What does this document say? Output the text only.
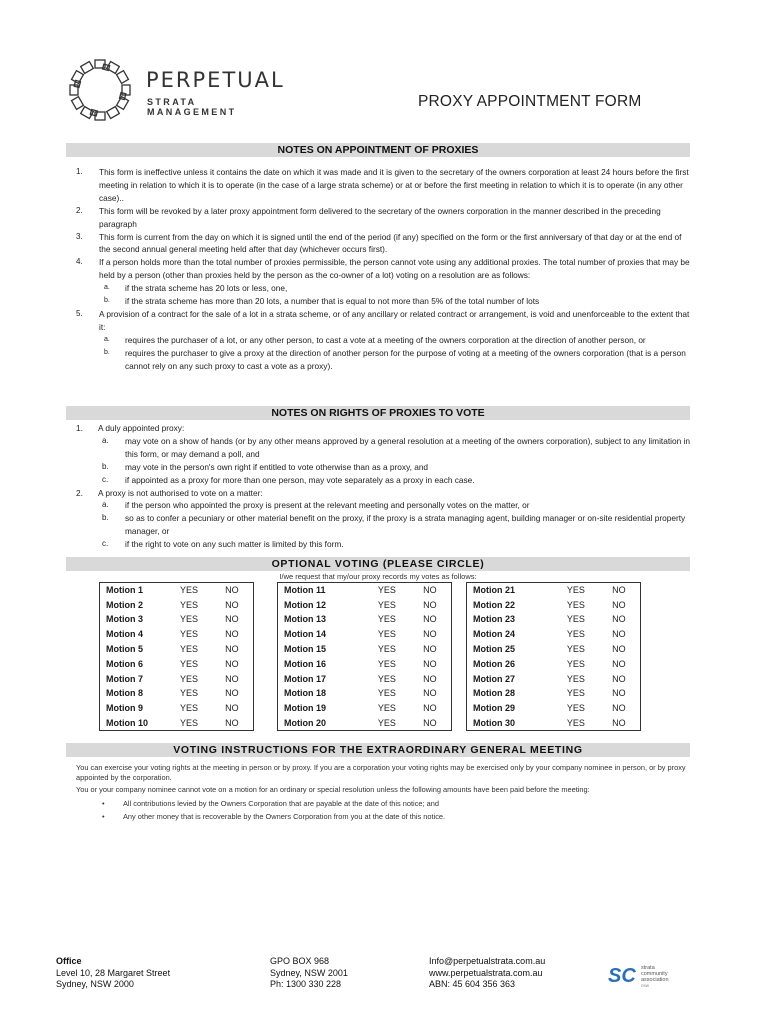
PERPETUAL
STRATA MANAGEMENT
PROXY APPOINTMENT FORM
NOTES ON APPOINTMENT OF PROXIES
1. This form is ineffective unless it contains the date on which it was made and it is given to the secretary of the owners corporation at least 24 hours before the first meeting in relation to which it is to operate (in the case of a large strata scheme) or at or before the first meeting in relation to which it is to operate (in any other case)..
2. This form will be revoked by a later proxy appointment form delivered to the secretary of the owners corporation in the manner described in the preceding paragraph
3. This form is current from the day on which it is signed until the end of the period (if any) specified on the form or the first anniversary of that day or at the end of the second annual general meeting held after that day (whichever occurs first).
4. If a person holds more than the total number of proxies permissible, the person cannot vote using any additional proxies. The total number of proxies that may be held by a person (other than proxies held by the person as the co-owner of a lot) voting on a resolution are as follows:
a. if the strata scheme has 20 lots or less, one,
b. if the strata scheme has more than 20 lots, a number that is equal to not more than 5% of the total number of lots
5. A provision of a contract for the sale of a lot in a strata scheme, or of any ancillary or related contract or arrangement, is void and unenforceable to the extent that it:
a. requires the purchaser of a lot, or any other person, to cast a vote at a meeting of the owners corporation at the direction of another person, or
b. requires the purchaser to give a proxy at the direction of another person for the purpose of voting at a meeting of the owners corporation (that is a person cannot rely on any such proxy to cast a vote as a proxy).
NOTES ON RIGHTS OF PROXIES TO VOTE
1. A duly appointed proxy:
a. may vote on a show of hands (or by any other means approved by a general resolution at a meeting of the owners corporation), subject to any limitation in this form, or may demand a poll, and
b. may vote in the person's own right if entitled to vote otherwise than as a proxy, and
c. if appointed as a proxy for more than one person, may vote separately as a proxy in each case.
2. A proxy is not authorised to vote on a matter:
a. if the person who appointed the proxy is present at the relevant meeting and personally votes on the matter, or
b. so as to confer a pecuniary or other material benefit on the proxy, if the proxy is a strata managing agent, building manager or on-site residential property manager, or
c. if the right to vote on any such matter is limited by this form.
OPTIONAL VOTING (PLEASE CIRCLE)
I/we request that my/our proxy records my votes as follows:
Motion 1	YES	NO
Motion 2	YES	NO
Motion 3	YES	NO
Motion 4	YES	NO
Motion 5	YES	NO
Motion 6	YES	NO
Motion 7	YES	NO
Motion 8	YES	NO
Motion 9	YES	NO
Motion 10	YES	NO
Motion 11	YES	NO
Motion 12	YES	NO
Motion 13	YES	NO
Motion 14	YES	NO
Motion 15	YES	NO
Motion 16	YES	NO
Motion 17	YES	NO
Motion 18	YES	NO
Motion 19	YES	NO
Motion 20	YES	NO
Motion 21	YES	NO
Motion 22	YES	NO
Motion 23	YES	NO
Motion 24	YES	NO
Motion 25	YES	NO
Motion 26	YES	NO
Motion 27	YES	NO
Motion 28	YES	NO
Motion 29	YES	NO
Motion 30	YES	NO
VOTING INSTRUCTIONS FOR THE EXTRAORDINARY GENERAL MEETING

You can exercise your voting rights at the meeting in person or by proxy. If you are a corporation your voting rights may be exercised only by your company nominee in person, or by proxy appointed by the corporation.

You or your company nominee cannot vote on a motion for an ordinary or special resolution unless the following amounts have been paid before the meeting:

• All contributions levied by the Owners Corporation that are payable at the date of this notice; and
• Any other money that is recoverable by the Owners Corporation from you at the date of this notice.
Office
Level 10, 28 Margaret Street
Sydney, NSW 2000
GPO BOX 968
Sydney, NSW 2001
Ph: 1300 330 228
Info@perpetualstrata.com.au
www.perpetualstrata.com.au
ABN: 45 604 356 363	SC strata
community
association
nsw
